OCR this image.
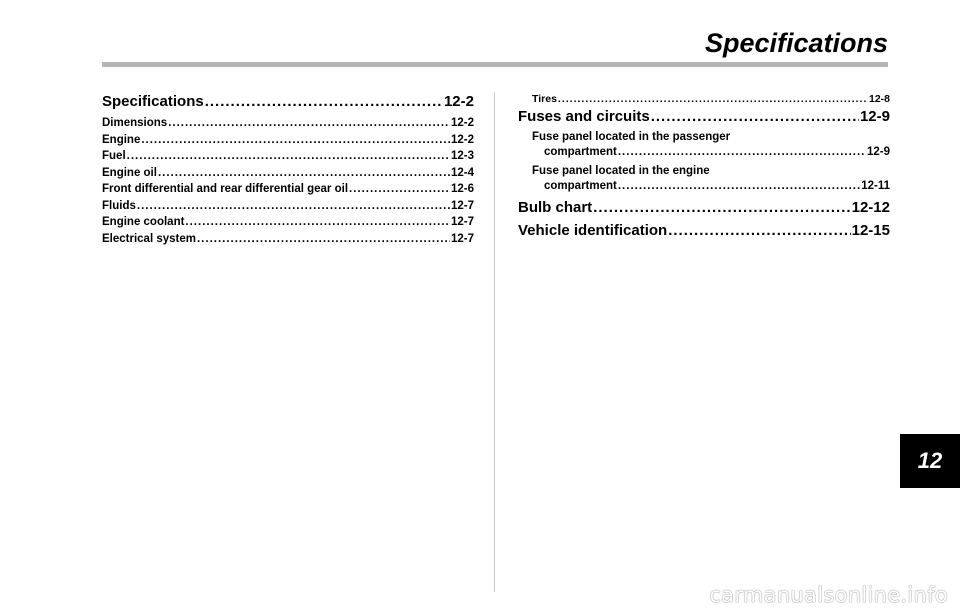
Specifications
Specifications .....	12-2
Dimensions .....	12-2
Engine .....	12-2
Fuel .....	12-3
Engine oil .....	12-4
Front differential and rear differential gear oil .....	12-6
Fluids .....	12-7
Engine coolant .....	12-7
Electrical system .....	12-7
Tires .....	12-8
Fuses and circuits .....	12-9
Fuse panel located in the passenger
compartment .....	12-9
Fuse panel located in the engine
compartment .....	12-11
Bulb chart .....	12-12
Vehicle identification .....	12-15
12
carmanualsonline.info
